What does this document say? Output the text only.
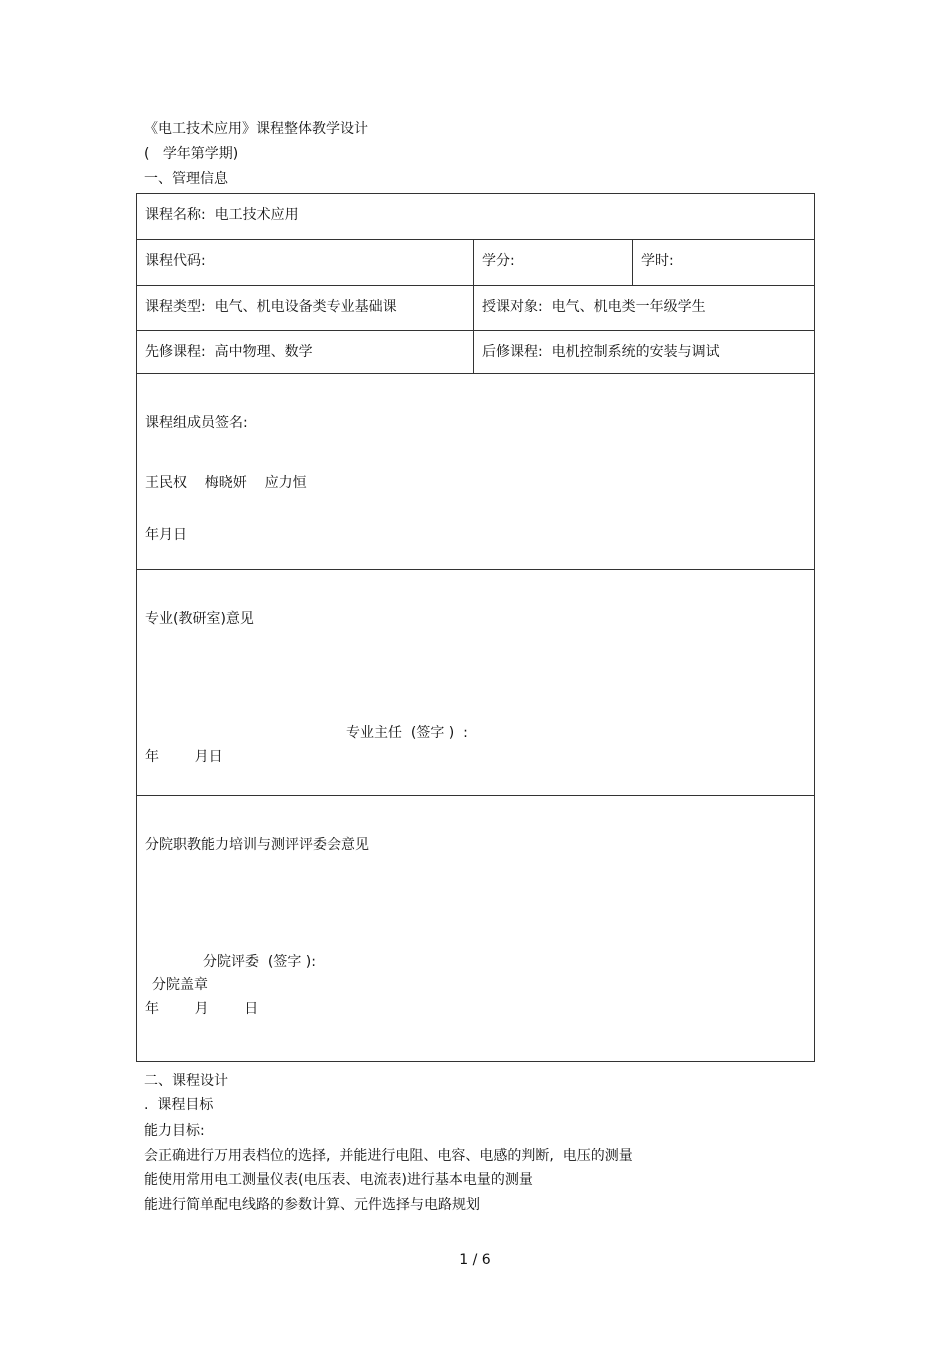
《电工技术应用》课程整体教学设计
(   学年第学期)
一、管理信息
课程名称:  电工技术应用		

课程代码:	学分:	学时:

课程类型:  电气、机电设备类专业基础课	授课对象:  电气、机电类一年级学生	

先修课程:  高中物理、数学	后修课程:  电机控制系统的安装与调试	

课程组成员签名:

王民权    梅晓妍    应力恒

年月日		

专业(教研室)意见

专业主任  (签字 )  :

年        月日		

分院职教能力培训与测评评委会意见

分院评委  (签字 ):

分院盖章

年        月        日		

二、课程设计
.  课程目标
能力目标:
会正确进行万用表档位的选择,  并能进行电阻、电容、电感的判断,  电压的测量
能使用常用电工测量仪表(电压表、电流表)进行基本电量的测量
能进行简单配电线路的参数计算、元件选择与电路规划
1 / 6
